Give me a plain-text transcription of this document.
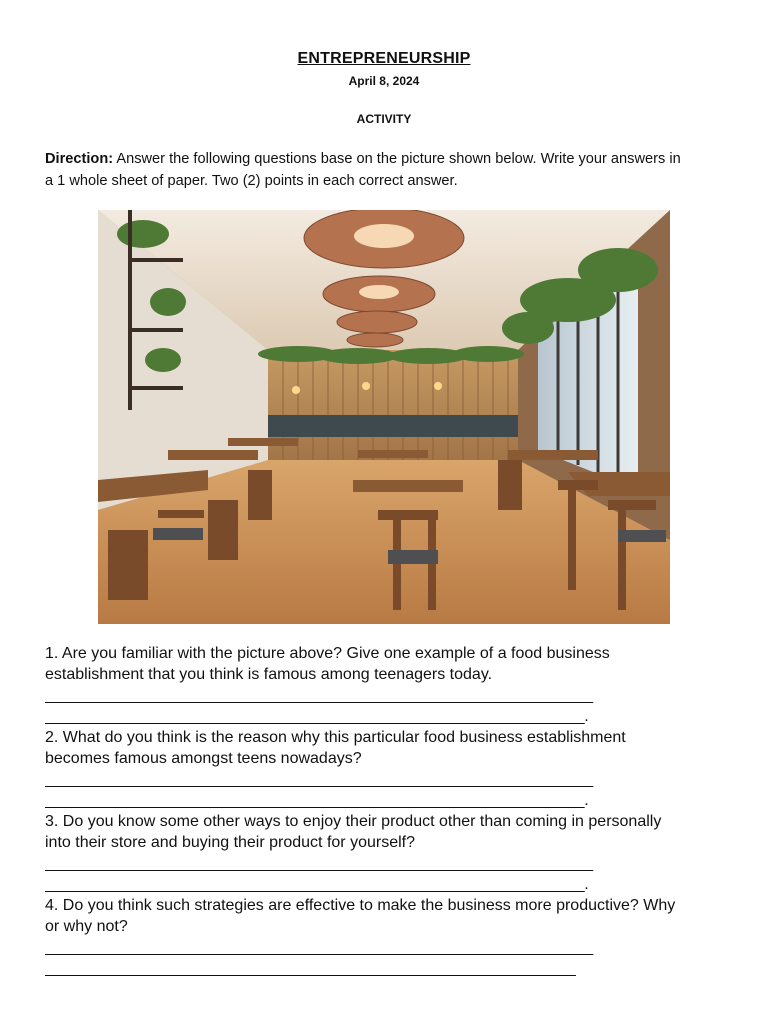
ENTREPRENEURSHIP
April 8, 2024
ACTIVITY
Direction: Answer the following questions base on the picture shown below. Write your answers in a 1 whole sheet of paper. Two (2) points in each correct answer.

1. Are you familiar with the picture above? Give one example of a food business establishment that you think is famous among teenagers today.

_______________________________________________________________

______________________________________________________________.

2. What do you think is the reason why this particular food business establishment becomes famous amongst teens nowadays?

_______________________________________________________________

______________________________________________________________.

3. Do you know some other ways to enjoy their product other than coming in personally into their store and buying their product for yourself?

_______________________________________________________________

______________________________________________________________.

4. Do you think such strategies are effective to make the business more productive? Why or why not?

_______________________________________________________________

_____________________________________________________________
